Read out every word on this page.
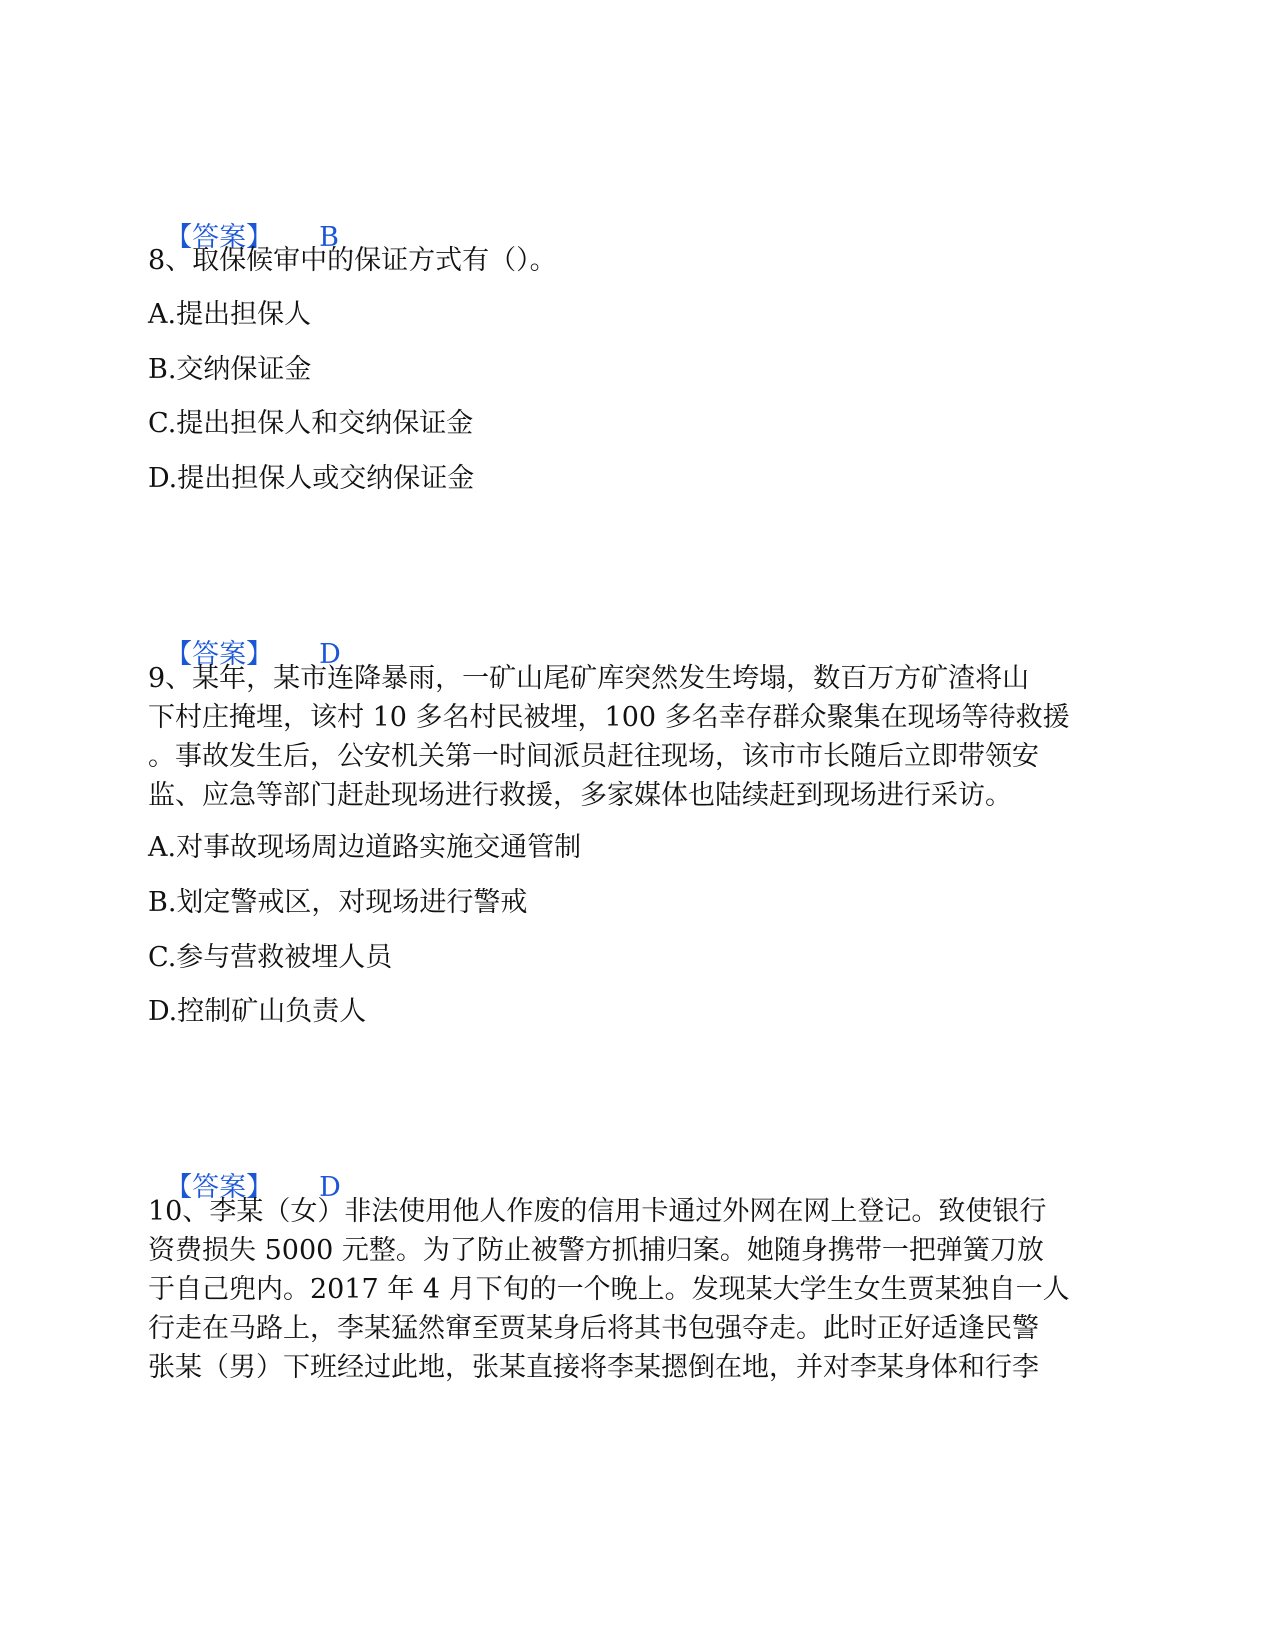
【答案】 B

8、取保候审中的保证方式有（）。
A.提出担保人
B.交纳保证金
C.提出担保人和交纳保证金
D.提出担保人或交纳保证金

【答案】 D

9、某年，某市连降暴雨，一矿山尾矿库突然发生垮塌，数百万方矿渣将山
下村庄掩埋，该村 10 多名村民被埋，100 多名幸存群众聚集在现场等待救援
。事故发生后，公安机关第一时间派员赶往现场，该市市长随后立即带领安
监、应急等部门赶赴现场进行救援，多家媒体也陆续赶到现场进行采访。
A.对事故现场周边道路实施交通管制
B.划定警戒区，对现场进行警戒
C.参与营救被埋人员
D.控制矿山负责人

【答案】 D

10、李某（女）非法使用他人作废的信用卡通过外网在网上登记。致使银行
资费损失 5000 元整。为了防止被警方抓捕归案。她随身携带一把弹簧刀放
于自己兜内。2017 年 4 月下旬的一个晚上。发现某大学生女生贾某独自一人
行走在马路上，李某猛然窜至贾某身后将其书包强夺走。此时正好适逢民警
张某（男）下班经过此地，张某直接将李某摁倒在地，并对李某身体和行李
